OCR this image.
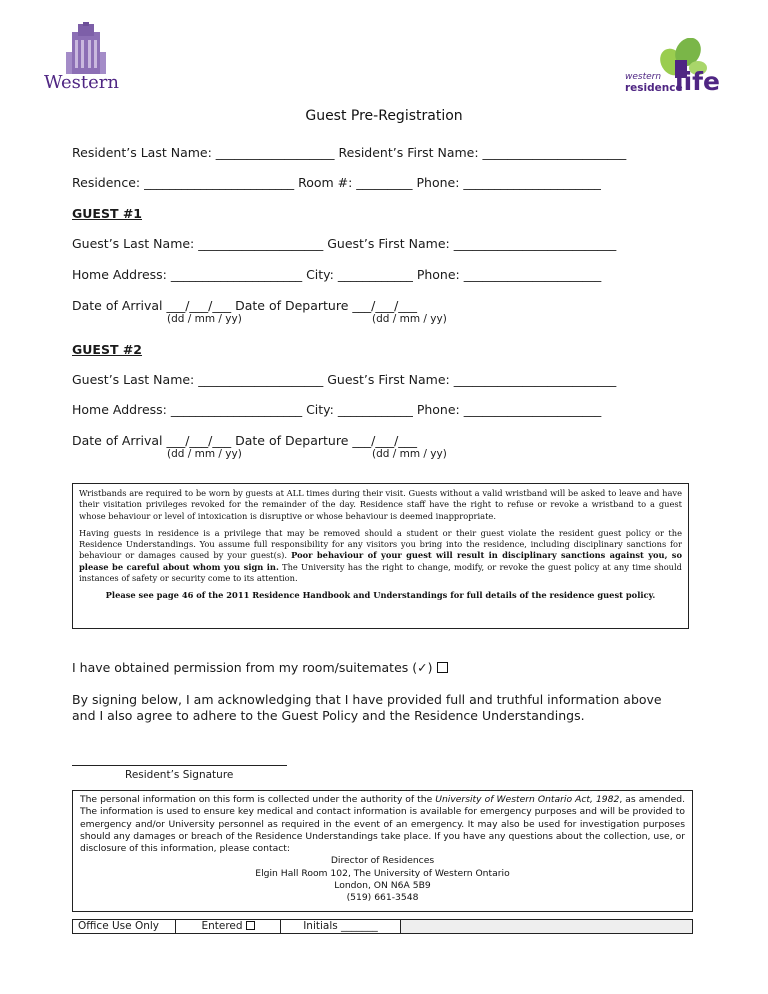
Western	western
residence
life
Guest Pre-Registration
Resident’s Last Name: ___________________ Resident’s First Name: _______________________
Residence: ________________________ Room #: _________ Phone: ______________________
GUEST #1
Guest’s Last Name: ____________________ Guest’s First Name: __________________________
Home Address: _____________________ City: ____________ Phone: ______________________
Date of Arrival ___/___/___ Date of Departure ___/___/___
(dd / mm / yy)	(dd / mm / yy)
GUEST #2
Guest’s Last Name: ____________________ Guest’s First Name: __________________________
Home Address: _____________________ City: ____________ Phone: ______________________
Date of Arrival ___/___/___ Date of Departure ___/___/___
(dd / mm / yy)	(dd / mm / yy)

Wristbands are required to be worn by guests at ALL times during their visit. Guests without a valid wristband will be asked to leave and have their visitation privileges revoked for the remainder of the day. Residence staff have the right to refuse or revoke a wristband to a guest whose behaviour or level of intoxication is disruptive or whose behaviour is deemed inappropriate.

Having guests in residence is a privilege that may be removed should a student or their guest violate the resident guest policy or the Residence Understandings. You assume full responsibility for any visitors you bring into the residence, including disciplinary sanctions for behaviour or damages caused by your guest(s). Poor behaviour of your guest will result in disciplinary sanctions against you, so please be careful about whom you sign in. The University has the right to change, modify, or revoke the guest policy at any time should instances of safety or security come to its attention.

Please see page 46 of the 2011 Residence Handbook and Understandings for full details of the residence guest policy.

I have obtained permission from my room/suitemates (✓)
By signing below, I am acknowledging that I have provided full and truthful information above and I also agree to adhere to the Guest Policy and the Residence Understandings.
Resident’s Signature

The personal information on this form is collected under the authority of the University of Western Ontario Act, 1982, as amended. The information is used to ensure key medical and contact information is available for emergency purposes and will be provided to emergency and/or University personnel as required in the event of an emergency. It may also be used for investigation purposes should any damages or breach of the Residence Understandings take place. If you have any questions about the collection, use, or disclosure of this information, please contact:

Director of Residences

Elgin Hall Room 102, The University of Western Ontario

London, ON N6A 5B9

(519) 661-3548

Office Use Only	Entered	Initials _______
